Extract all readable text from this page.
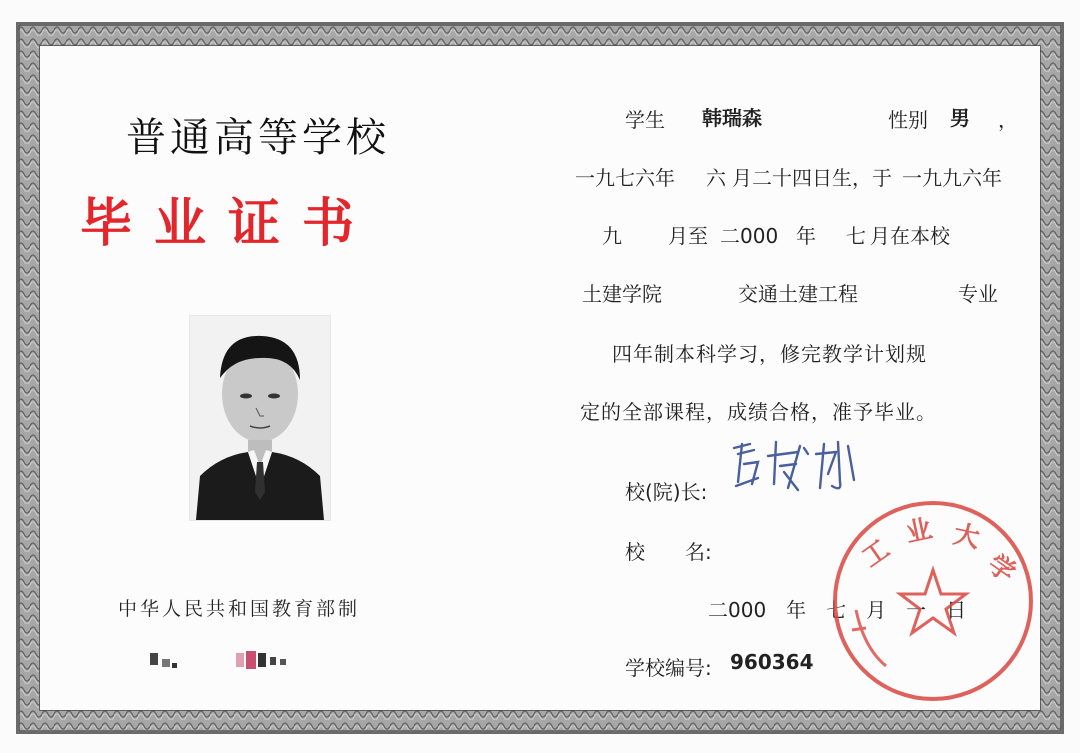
普通高等学校
毕业证书
中华人民共和国教育部制
学生 韩瑞森	性别 男 ，
一九七六年 六 月二十四日生，于 一九九六年
九 月至 二000 年 七 月在本校
土建学院	交通土建工程	专业
四年制本科学习，修完教学计划规
定的全部课程，成绩合格，准予毕业。
校(院)长:
校　　名:
二000　年　七　月　一　日
学校编号: 960364
工
业 大
学
